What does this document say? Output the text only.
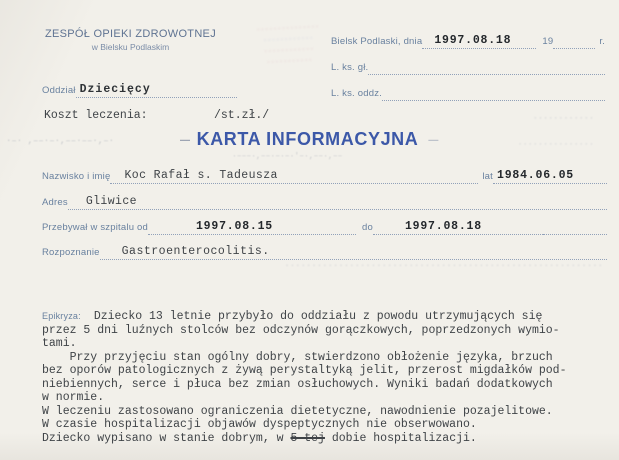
·····
·····
·····
·····
·–· ,––·–·,––·––·,–·
·–––·,––·–·–·'–·,––·,––
·····
·····
·····
ZESPÓŁ OPIEKI ZDROWOTNEJ
w Bielsku Podlaskim	Bielsk Podlaski, dnia 1997.08.18	19	r.
L. ks. gł.
L. ks. oddz.
Oddział Dziecięcy
Koszt leczenia:	/st.zł./
– KARTA INFORMACYJNA –
Nazwisko i imię Koc Rafał s. Tadeusza	lat 1984.06.05
Adres Gliwice
Przebywał w szpitalu od	1997.08.15	do	1997.08.18
Rozpoznanie Gastroenterocolitis.
Epikryza: Dziecko 13 letnie przybyło do oddziału z powodu utrzymujących się
przez 5 dni luźnych stolców bez odczynów gorączkowych, poprzedzonych wymio-
tami.
Przy przyjęciu stan ogólny dobry, stwierdzono obłożenie języka, brzuch
bez oporów patologicznych z żywą perystaltyką jelit, przerost migdałków pod-
niebiennych, serce i płuca bez zmian osłuchowych. Wyniki badań dodatkowych
w normie.
W leczeniu zastosowano ograniczenia dietetyczne, nawodnienie pozajelitowe.
W czasie hospitalizacji objawów dyspeptycznych nie obserwowano.
Dziecko wypisano w stanie dobrym, w 5-tej dobie hospitalizacji.
